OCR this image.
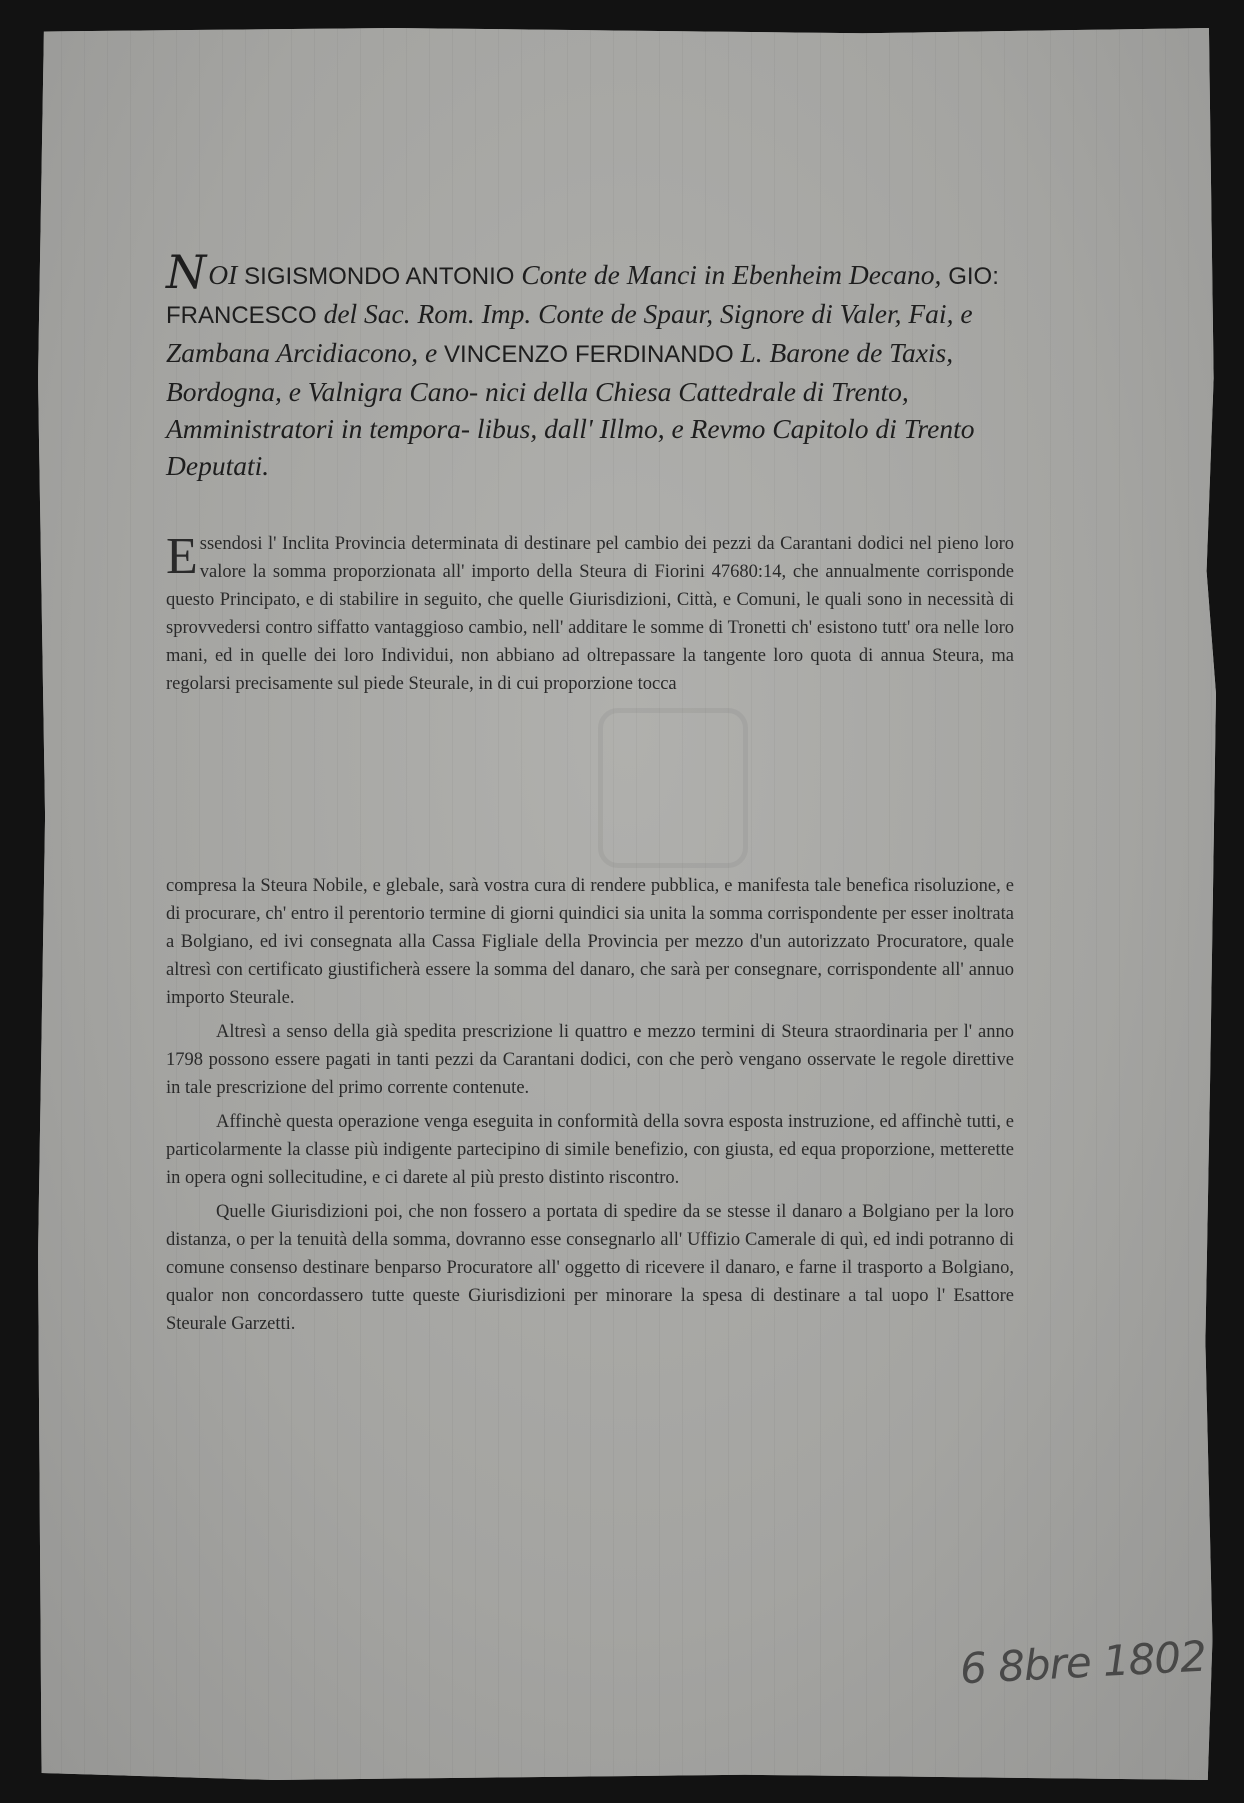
N OI SIGISMONDO ANTONIO Conte de Manci in Ebenheim Decano, GIO: FRANCESCO del Sac. Rom. Imp. Conte de Spaur, Signore di Valer, Fai, e Zambana Arcidiacono, e VINCENZO FERDINANDO L. Barone de Taxis, Bordogna, e Valnigra Cano- nici della Chiesa Cattedrale di Trento, Amministratori in tempora- libus, dall' Illmo, e Revmo Capitolo di Trento Deputati.
Essendosi l' Inclita Provincia determinata di destinare pel cambio dei pezzi da Carantani dodici nel pieno loro valore la somma proporzionata all' importo della Steura di Fiorini 47680:14, che annualmente corrisponde questo Principato, e di stabilire in seguito, che quelle Giurisdizioni, Città, e Comuni, le quali sono in necessità di sprovvedersi contro siffatto vantaggioso cambio, nell' additare le somme di Tronetti ch' esistono tutt' ora nelle loro mani, ed in quelle dei loro Individui, non abbiano ad oltrepassare la tangente loro quota di annua Steura, ma regolarsi precisamente sul piede Steurale, in di cui proporzione tocca

compresa la Steura Nobile, e glebale, sarà vostra cura di rendere pubblica, e manifesta tale benefica risoluzione, e di procurare, ch' entro il perentorio termine di giorni quindici sia unita la somma corrispondente per esser inoltrata a Bolgiano, ed ivi consegnata alla Cassa Figliale della Provincia per mezzo d'un autorizzato Procuratore, quale altresì con certificato giustificherà essere la somma del danaro, che sarà per consegnare, corrispondente all' annuo importo Steurale.

Altresì a senso della già spedita prescrizione li quattro e mezzo termini di Steura straordinaria per l' anno 1798 possono essere pagati in tanti pezzi da Carantani dodici, con che però vengano osservate le regole direttive in tale prescrizione del primo corrente contenute.

Affinchè questa operazione venga eseguita in conformità della sovra esposta instruzione, ed affinchè tutti, e particolarmente la classe più indigente partecipino di simile benefizio, con giusta, ed equa proporzione, metterette in opera ogni sollecitudine, e ci darete al più presto distinto riscontro.

Quelle Giurisdizioni poi, che non fossero a portata di spedire da se stesse il danaro a Bolgiano per la loro distanza, o per la tenuità della somma, dovranno esse consegnarlo all' Uffizio Camerale di quì, ed indi potranno di comune consenso destinare benparso Procuratore all' oggetto di ricevere il danaro, e farne il trasporto a Bolgiano, qualor non concordassero tutte queste Giurisdizioni per minorare la spesa di destinare a tal uopo l' Esattore Steurale Garzetti.

6 8bre 1802
